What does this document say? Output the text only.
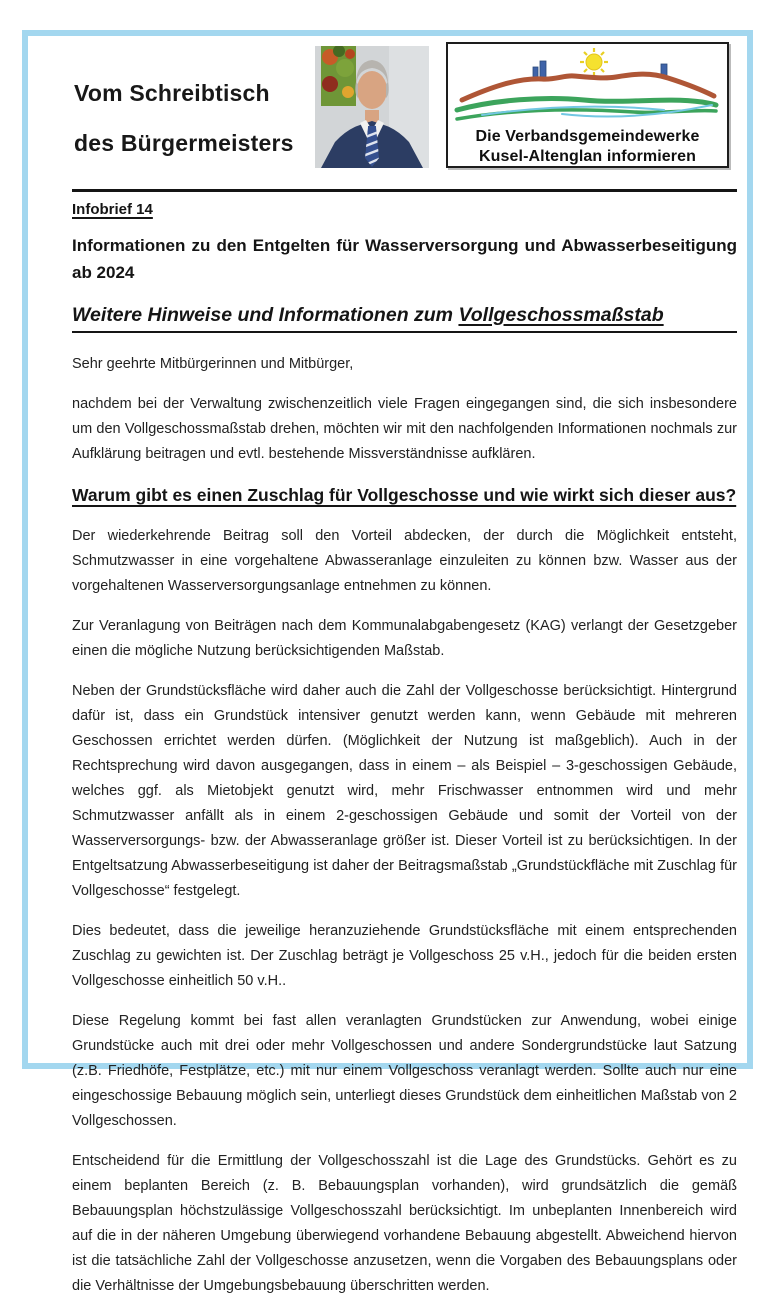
Vom Schreibtisch
des Bürgermeisters	Die Verbandsgemeindewerke
Kusel-Altenglan informieren
Infobrief 14
Informationen zu den Entgelten für Wasserversorgung und Abwasserbeseitigung ab 2024
Weitere Hinweise und Informationen zum Vollgeschossmaßstab

Sehr geehrte Mitbürgerinnen und Mitbürger,

nachdem bei der Verwaltung zwischenzeitlich viele Fragen eingegangen sind, die sich insbesondere um den Vollgeschossmaßstab drehen, möchten wir mit den nachfolgenden Informationen nochmals zur Aufklärung beitragen und evtl. bestehende Missverständnisse aufklären.

Warum gibt es einen Zuschlag für Vollgeschosse und wie wirkt sich dieser aus?

Der wiederkehrende Beitrag soll den Vorteil abdecken, der durch die Möglichkeit entsteht, Schmutzwasser in eine vorgehaltene Abwasseranlage einzuleiten zu können bzw. Wasser aus der vorgehaltenen Wasserversorgungsanlage entnehmen zu können.

Zur Veranlagung von Beiträgen nach dem Kommunalabgabengesetz (KAG) verlangt der Gesetzgeber einen die mögliche Nutzung berücksichtigenden Maßstab.

Neben der Grundstücksfläche wird daher auch die Zahl der Vollgeschosse berücksichtigt. Hintergrund dafür ist, dass ein Grundstück intensiver genutzt werden kann, wenn Gebäude mit mehreren Geschossen errichtet werden dürfen. (Möglichkeit der Nutzung ist maßgeblich). Auch in der Rechtsprechung wird davon ausgegangen, dass in einem – als Beispiel – 3-geschossigen Gebäude, welches ggf. als Mietobjekt genutzt wird, mehr Frischwasser entnommen wird und mehr Schmutzwasser anfällt als in einem 2-geschossigen Gebäude und somit der Vorteil von der Wasserversorgungs- bzw. der Abwasseranlage größer ist. Dieser Vorteil ist zu berücksichtigen. In der Entgeltsatzung Abwasserbeseitigung ist daher der Beitragsmaßstab „Grundstückfläche mit Zuschlag für Vollgeschosse“ festgelegt.

Dies bedeutet, dass die jeweilige heranzuziehende Grundstücksfläche mit einem entsprechenden Zuschlag zu gewichten ist. Der Zuschlag beträgt je Vollgeschoss 25 v.H., jedoch für die beiden ersten Vollgeschosse einheitlich 50 v.H..

Diese Regelung kommt bei fast allen veranlagten Grundstücken zur Anwendung, wobei einige Grundstücke auch mit drei oder mehr Vollgeschossen und andere Sondergrundstücke laut Satzung (z.B. Friedhöfe, Festplätze, etc.) mit nur einem Vollgeschoss veranlagt werden. Sollte auch nur eine eingeschossige Bebauung möglich sein, unterliegt dieses Grundstück dem einheitlichen Maßstab von 2 Vollgeschossen.

Entscheidend für die Ermittlung der Vollgeschosszahl ist die Lage des Grundstücks. Gehört es zu einem beplanten Bereich (z. B. Bebauungsplan vorhanden), wird grundsätzlich die gemäß Bebauungsplan höchstzulässige Vollgeschosszahl berücksichtigt. Im unbeplanten Innenbereich wird auf die in der näheren Umgebung überwiegend vorhandene Bebauung abgestellt. Abweichend hiervon ist die tatsächliche Zahl der Vollgeschosse anzusetzen, wenn die Vorgaben des Bebauungsplans oder die Verhältnisse der Umgebungsbebauung überschritten werden.
